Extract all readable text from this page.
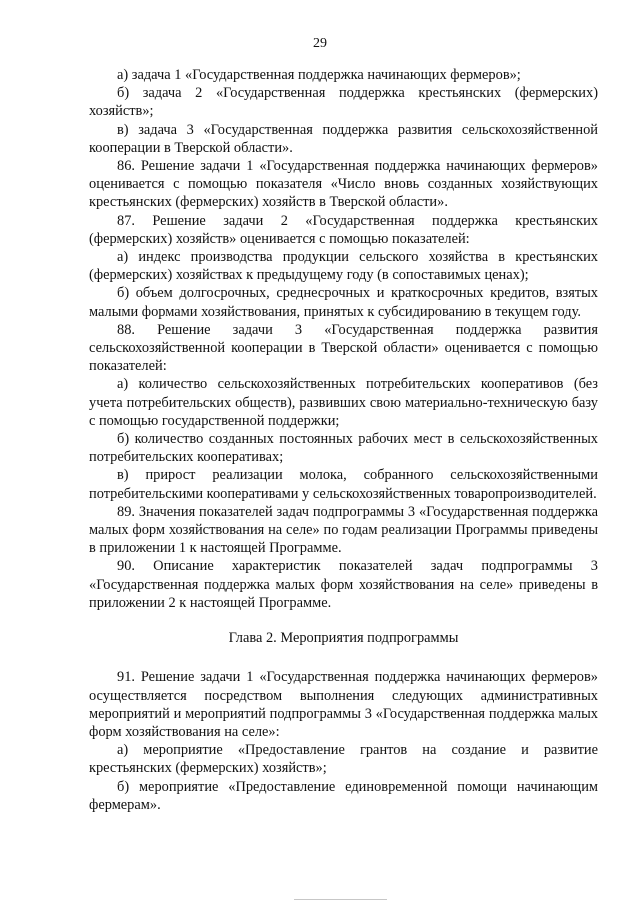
29

а) задача 1 «Государственная поддержка начинающих фермеров»;

б) задача 2 «Государственная поддержка крестьянских (фермерских) хозяйств»;

в) задача 3 «Государственная поддержка развития сельскохозяйственной кооперации в Тверской области».

86. Решение задачи 1 «Государственная поддержка начинающих фермеров» оценивается с помощью показателя «Число вновь созданных хозяйствующих крестьянских (фермерских) хозяйств в Тверской области».

87. Решение задачи 2 «Государственная поддержка крестьянских (фермерских) хозяйств» оценивается с помощью показателей:

а) индекс производства продукции сельского хозяйства в крестьянских (фермерских) хозяйствах к предыдущему году (в сопоставимых ценах);

б) объем долгосрочных, среднесрочных и краткосрочных кредитов, взятых малыми формами хозяйствования, принятых к субсидированию в текущем году.

88. Решение задачи 3 «Государственная поддержка развития сельскохозяйственной кооперации в Тверской области» оценивается с помощью показателей:

а) количество сельскохозяйственных потребительских кооперативов (без учета потребительских обществ), развивших свою материально-техническую базу с помощью государственной поддержки;

б) количество созданных постоянных рабочих мест в сельскохозяйственных потребительских кооперативах;

в) прирост реализации молока, собранного сельскохозяйственными потребительскими кооперативами у сельскохозяйственных товаропроизводителей.

89. Значения показателей задач подпрограммы 3 «Государственная поддержка малых форм хозяйствования на селе» по годам реализации Программы приведены в приложении 1 к настоящей Программе.

90. Описание характеристик показателей задач подпрограммы 3 «Государственная поддержка малых форм хозяйствования на селе» приведены в приложении 2 к настоящей Программе.

Глава 2. Мероприятия подпрограммы

91. Решение задачи 1 «Государственная поддержка начинающих фермеров» осуществляется посредством выполнения следующих административных мероприятий и мероприятий подпрограммы 3 «Государственная поддержка малых форм хозяйствования на селе»:

а) мероприятие «Предоставление грантов на создание и развитие крестьянских (фермерских) хозяйств»;

б) мероприятие «Предоставление единовременной помощи начинающим фермерам».
